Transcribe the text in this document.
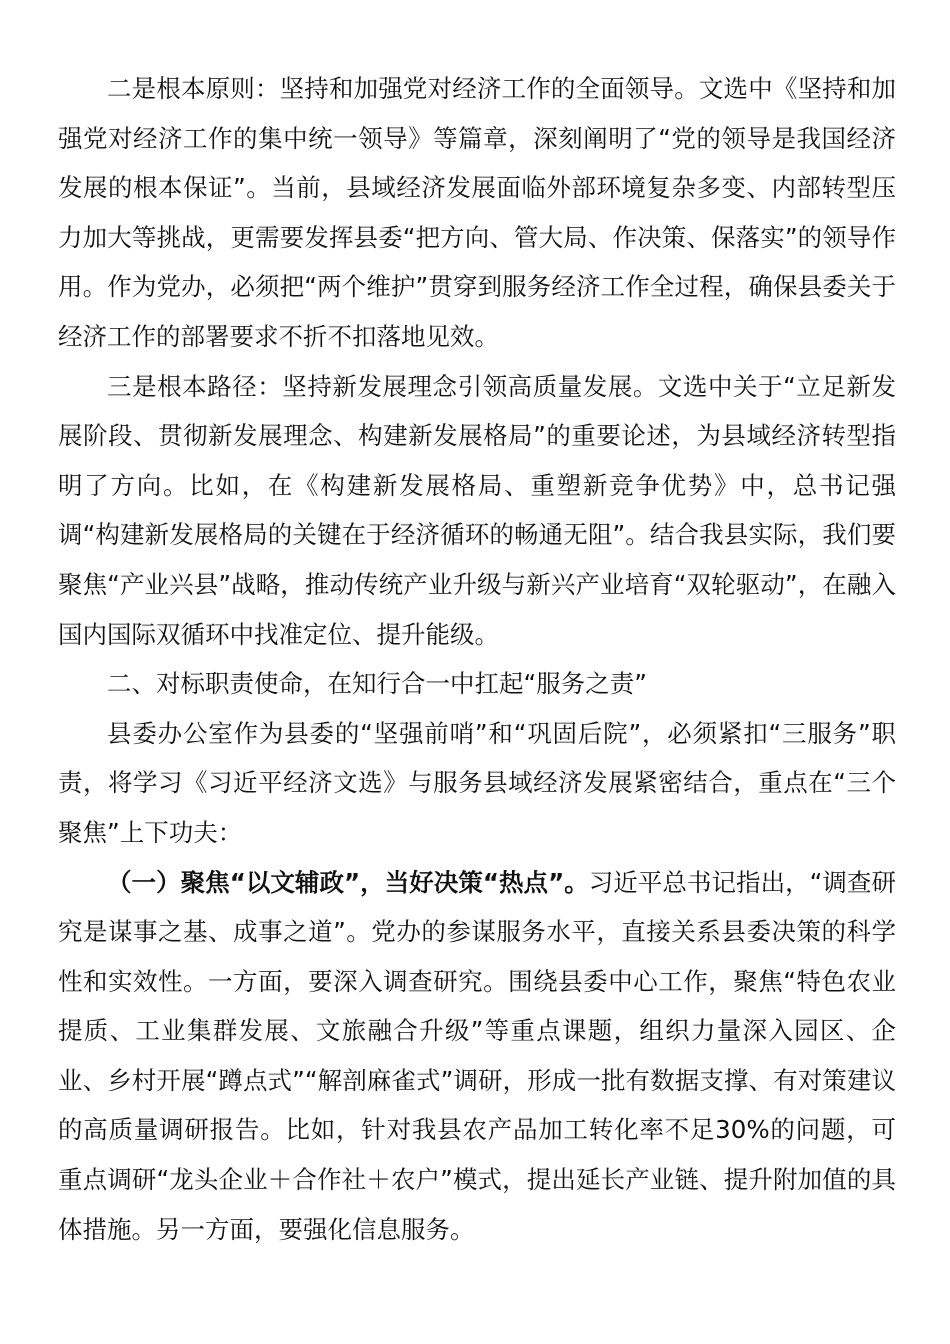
二是根本原则：坚持和加强党对经济工作的全面领导。文选中《坚持和加强党对经济工作的集中统一领导》等篇章，深刻阐明了“党的领导是我国经济发展的根本保证”。当前，县域经济发展面临外部环境复杂多变、内部转型压力加大等挑战，更需要发挥县委“把方向、管大局、作决策、保落实”的领导作用。作为党办，必须把“两个维护”贯穿到服务经济工作全过程，确保县委关于经济工作的部署要求不折不扣落地见效。

三是根本路径：坚持新发展理念引领高质量发展。文选中关于“立足新发展阶段、贯彻新发展理念、构建新发展格局”的重要论述，为县域经济转型指明了方向。比如，在《构建新发展格局、重塑新竞争优势》中，总书记强调“构建新发展格局的关键在于经济循环的畅通无阻”。结合我县实际，我们要聚焦“产业兴县”战略，推动传统产业升级与新兴产业培育“双轮驱动”，在融入国内国际双循环中找准定位、提升能级。

二、对标职责使命，在知行合一中扛起“服务之责”

县委办公室作为县委的“坚强前哨”和“巩固后院”，必须紧扣“三服务”职责，将学习《习近平经济文选》与服务县域经济发展紧密结合，重点在“三个聚焦”上下功夫：

（一）聚焦“以文辅政”，当好决策“热点”。习近平总书记指出，“调查研究是谋事之基、成事之道”。党办的参谋服务水平，直接关系县委决策的科学性和实效性。一方面，要深入调查研究。围绕县委中心工作，聚焦“特色农业提质、工业集群发展、文旅融合升级”等重点课题，组织力量深入园区、企业、乡村开展“蹲点式”“解剖麻雀式”调研，形成一批有数据支撑、有对策建议的高质量调研报告。比如，针对我县农产品加工转化率不足30%的问题，可重点调研“龙头企业＋合作社＋农户”模式，提出延长产业链、提升附加值的具体措施。另一方面，要强化信息服务。
